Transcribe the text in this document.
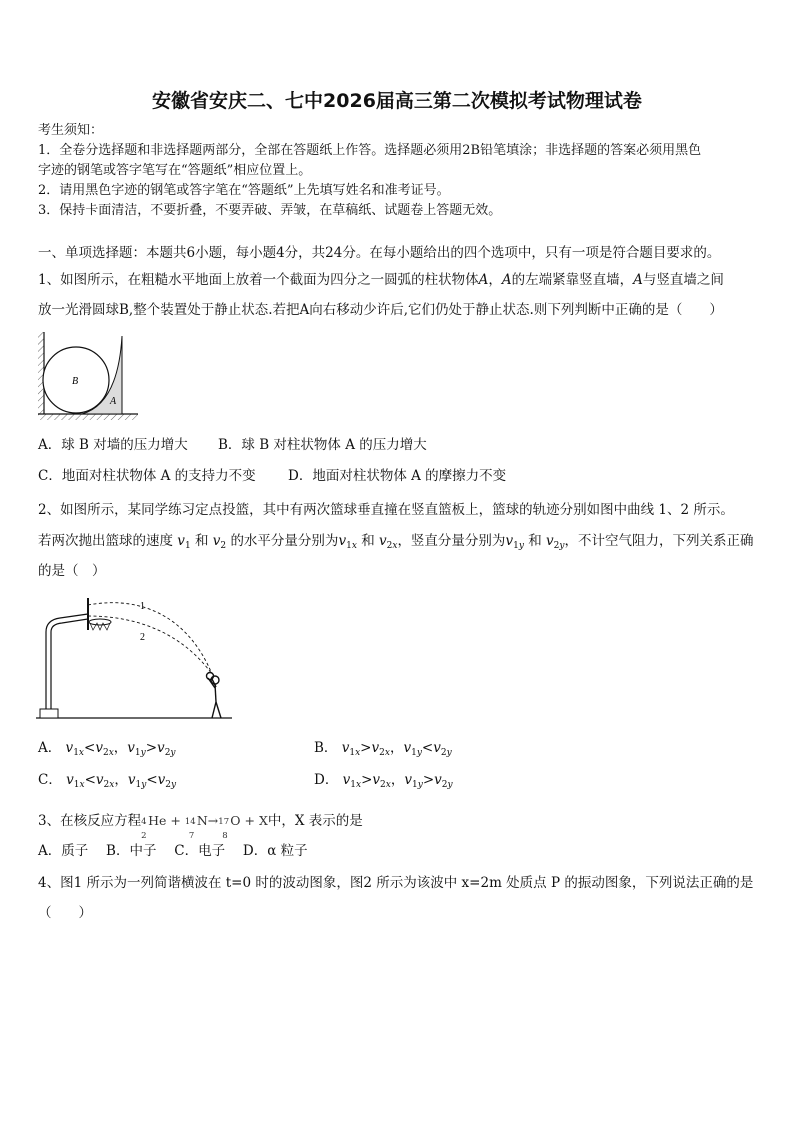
安徽省安庆二、七中2026届高三第二次模拟考试物理试卷
考生须知：
1．全卷分选择题和非选择题两部分，全部在答题纸上作答。选择题必须用2B铅笔填涂；非选择题的答案必须用黑色
字迹的钢笔或答字笔写在“答题纸”相应位置上。
2．请用黑色字迹的钢笔或答字笔在“答题纸”上先填写姓名和准考证号。
3．保持卡面清洁，不要折叠，不要弄破、弄皱，在草稿纸、试题卷上答题无效。
一、单项选择题：本题共6小题，每小题4分，共24分。在每小题给出的四个选项中，只有一项是符合题目要求的。
1、如图所示，在粗糙水平地面上放着一个截面为四分之一圆弧的柱状物体A，A的左端紧靠竖直墙，A与竖直墙之间
放一光滑圆球B,整个装置处于静止状态.若把A向右移动少许后,它们仍处于静止状态.则下列判断中正确的是（　　）
B
A
A．球 B 对墙的压力增大 B．球 B 对柱状物体 A 的压力增大
C．地面对柱状物体 A 的支持力不变 D．地面对柱状物体 A 的摩擦力不变
2、如图所示，某同学练习定点投篮，其中有两次篮球垂直撞在竖直篮板上，篮球的轨迹分别如图中曲线 1、2 所示。
若两次抛出篮球的速度 $v_1$ 和 $v_2$ 的水平分量分别为$v_{1x}$ 和 $v_{2x}$，竖直分量分别为$v_{1y}$ 和 $v_{2y}$，不计空气阻力，下列关系正确
的是（　）
1
2
A． $v_{1x}<v_{2x}$，$v_{1y}>v_{2y}$	B． $v_{1x}>v_{2x}$，$v_{1y}<v_{2y}$
C． $v_{1x}<v_{2x}$，$v_{1y}<v_{2y}$	D． $v_{1x}>v_{2x}$，$v_{1y}>v_{2y}$
3、在核反应方程 4
2
He + 14
7
N→ 17
8
O + X中，X 表示的是
A．质子　 B．中子　 C．电子　 D．α 粒子
4、图1 所示为一列简谐横波在 t=0 时的波动图象，图2 所示为该波中 x=2m 处质点 P 的振动图象，下列说法正确的是
（　　）
